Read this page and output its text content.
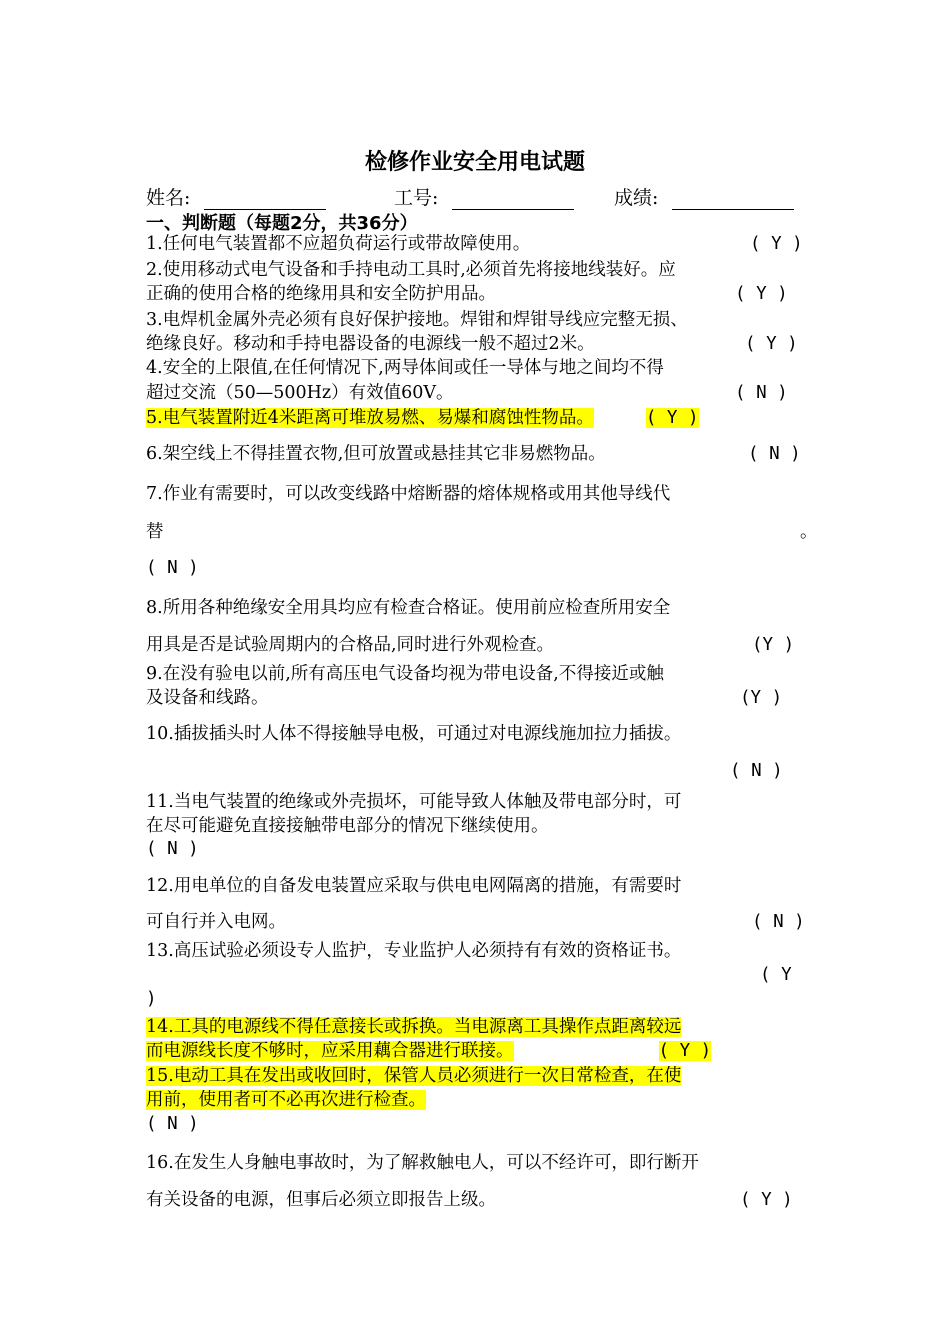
检修作业安全用电试题
姓名:	工号:	成绩:
一、判断题（每题2分，共36分）
1.任何电气装置都不应超负荷运行或带故障使用。	( Y )
2.使用移动式电气设备和手持电动工具时,必须首先将接地线装好。应
正确的使用合格的绝缘用具和安全防护用品。	( Y )
3.电焊机金属外壳必须有良好保护接地。焊钳和焊钳导线应完整无损、
绝缘良好。移动和手持电器设备的电源线一般不超过2米。	( Y )
4.安全的上限值,在任何情况下,两导体间或任一导体与地之间均不得
超过交流（50—500Hz）有效值60V。	( N )
5.电气装置附近4米距离可堆放易燃、易爆和腐蚀性物品。	( Y )
6.架空线上不得挂置衣物,但可放置或悬挂其它非易燃物品。	( N )
7.作业有需要时，可以改变线路中熔断器的熔体规格或用其他导线代
替	。
( N )
8.所用各种绝缘安全用具均应有检查合格证。使用前应检查所用安全
用具是否是试验周期内的合格品,同时进行外观检查。	(Y )
9.在没有验电以前,所有高压电气设备均视为带电设备,不得接近或触
及设备和线路。	(Y )
10.插拔插头时人体不得接触导电极，可通过对电源线施加拉力插拔。
( N )
11.当电气装置的绝缘或外壳损坏，可能导致人体触及带电部分时，可
在尽可能避免直接接触带电部分的情况下继续使用。
( N )
12.用电单位的自备发电装置应采取与供电电网隔离的措施，有需要时
可自行并入电网。	( N )
13.高压试验必须设专人监护，专业监护人必须持有有效的资格证书。
( Y
)
14.工具的电源线不得任意接长或拆换。当电源离工具操作点距离较远
而电源线长度不够时，应采用藕合器进行联接。	( Y )
15.电动工具在发出或收回时，保管人员必须进行一次日常检查，在使
用前，使用者可不必再次进行检查。
( N )
16.在发生人身触电事故时，为了解救触电人，可以不经许可，即行断开
有关设备的电源，但事后必须立即报告上级。	( Y )
